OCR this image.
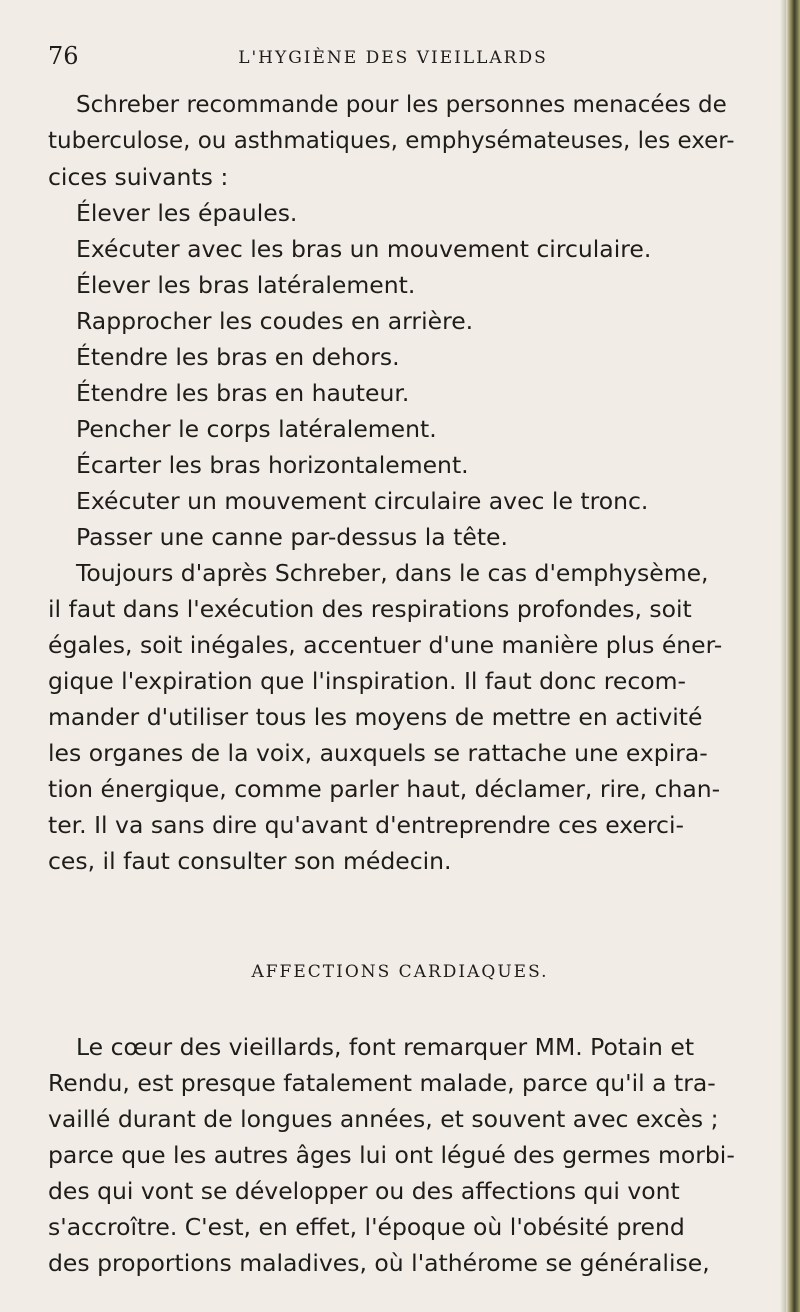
76	L'HYGIÈNE DES VIEILLARDS
Schreber recommande pour les personnes menacées de
tuberculose, ou asthmatiques, emphysémateuses, les exer-
cices suivants :
Élever les épaules.
Exécuter avec les bras un mouvement circulaire.
Élever les bras latéralement.
Rapprocher les coudes en arrière.
Étendre les bras en dehors.
Étendre les bras en hauteur.
Pencher le corps latéralement.
Écarter les bras horizontalement.
Exécuter un mouvement circulaire avec le tronc.
Passer une canne par-dessus la tête.
Toujours d'après Schreber, dans le cas d'emphysème,
il faut dans l'exécution des respirations profondes, soit
égales, soit inégales, accentuer d'une manière plus éner-
gique l'expiration que l'inspiration. Il faut donc recom-
mander d'utiliser tous les moyens de mettre en activité
les organes de la voix, auxquels se rattache une expira-
tion énergique, comme parler haut, déclamer, rire, chan-
ter. Il va sans dire qu'avant d'entreprendre ces exerci-
ces, il faut consulter son médecin.
AFFECTIONS CARDIAQUES.
Le cœur des vieillards, font remarquer MM. Potain et
Rendu, est presque fatalement malade, parce qu'il a tra-
vaillé durant de longues années, et souvent avec excès ;
parce que les autres âges lui ont légué des germes morbi-
des qui vont se développer ou des affections qui vont
s'accroître. C'est, en effet, l'époque où l'obésité prend
des proportions maladives, où l'athérome se généralise,
